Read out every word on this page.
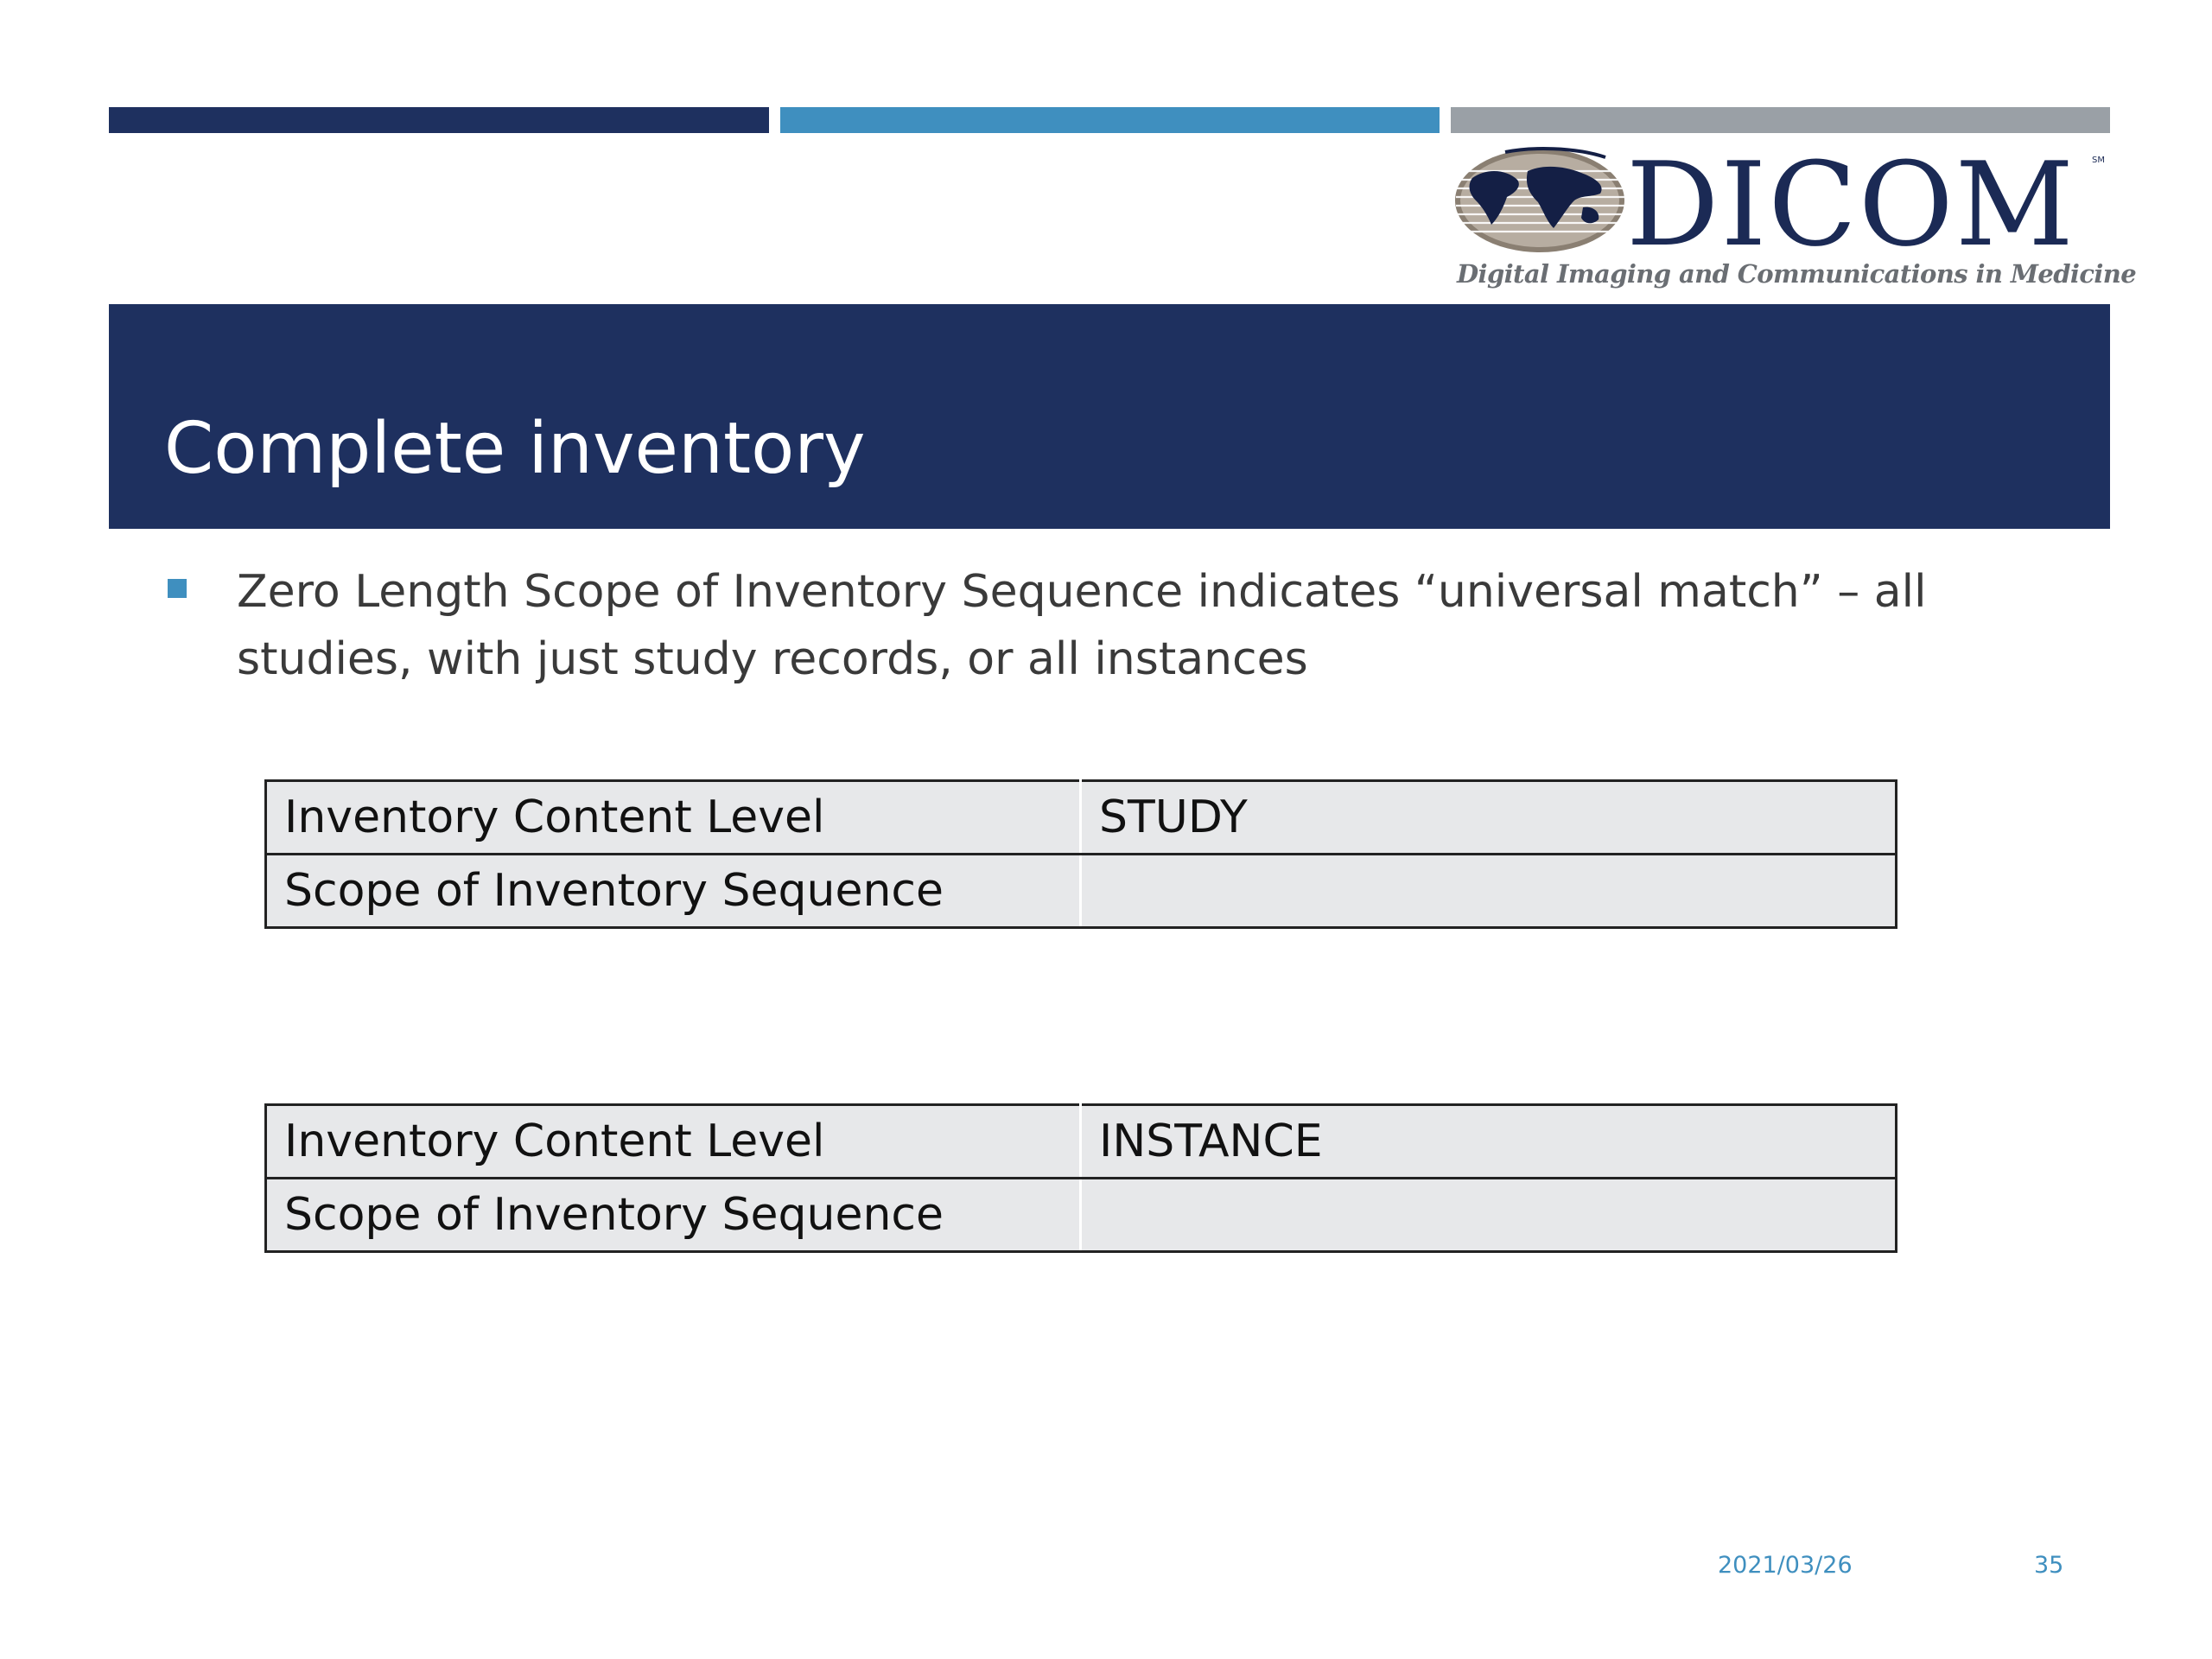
DICOM SM
Digital Imaging and Communications in Medicine
Complete inventory
Zero Length Scope of Inventory Sequence indicates “universal match” – all studies, with just study records, or all instances
Inventory Content Level	STUDY
Scope of Inventory Sequence	
Inventory Content Level	INSTANCE
Scope of Inventory Sequence	
2021/03/26	35
